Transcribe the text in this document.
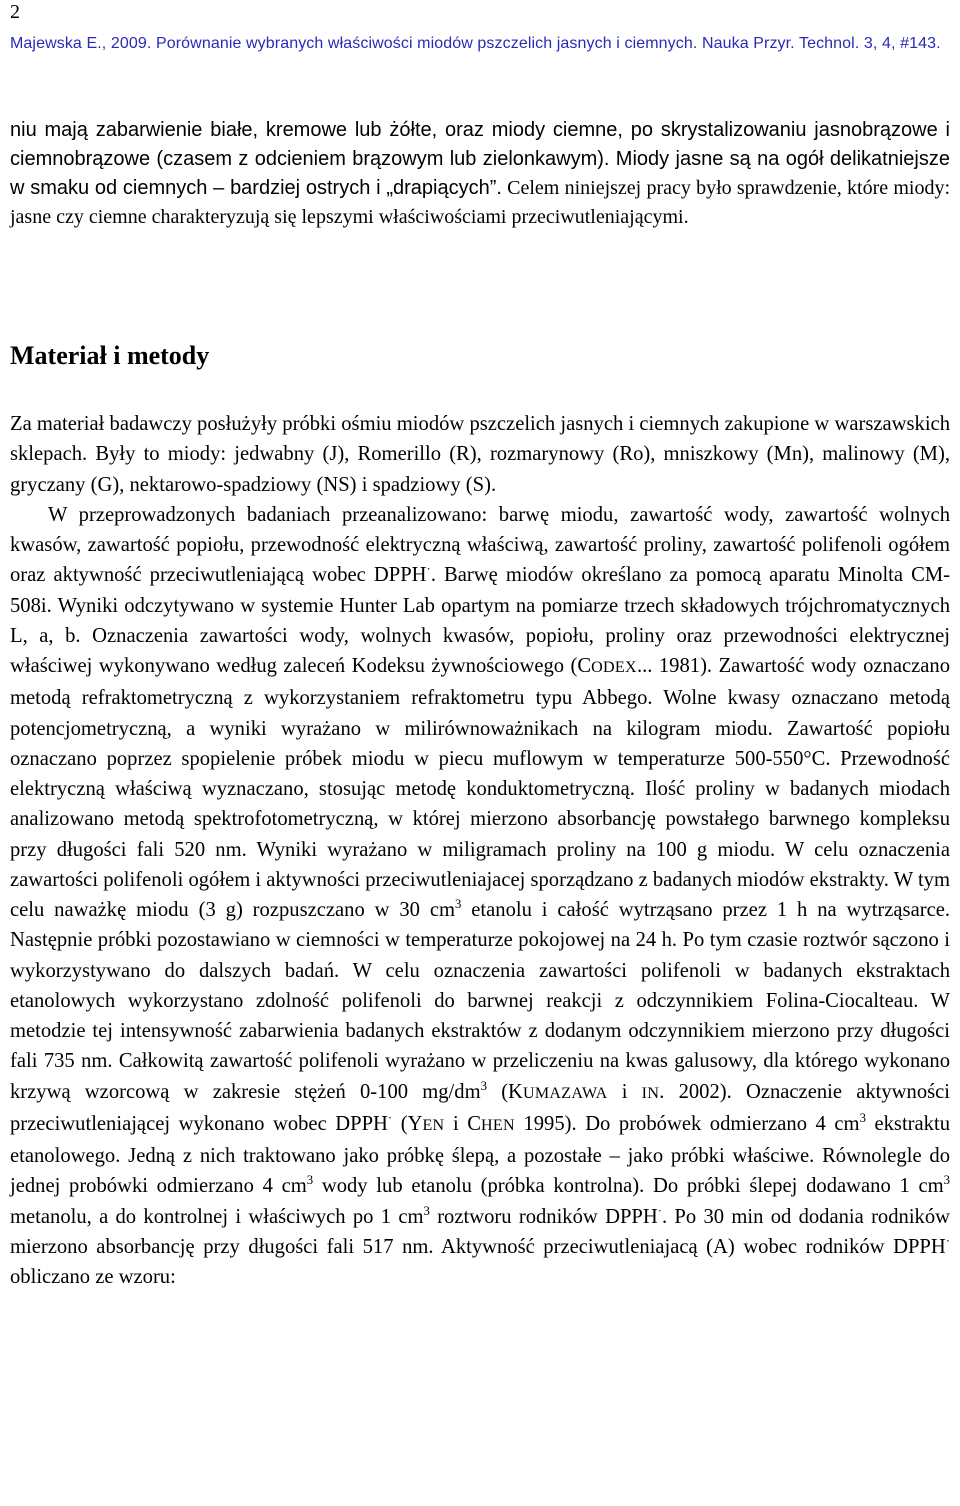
2
Majewska E., 2009. Porównanie wybranych właściwości miodów pszczelich jasnych i ciemnych. Nauka Przyr. Technol. 3, 4, #143.
niu mają zabarwienie białe, kremowe lub żółte, oraz miody ciemne, po skrystalizowaniu jasnobrązowe i ciemnobrązowe (czasem z odcieniem brązowym lub zielonkawym). Miody jasne są na ogół delikatniejsze w smaku od ciemnych – bardziej ostrych i „drapiących”. Celem niniejszej pracy było sprawdzenie, które miody: jasne czy ciemne charakteryzują się lepszymi właściwościami przeciwutleniającymi.
Materiał i metody

Za materiał badawczy posłużyły próbki ośmiu miodów pszczelich jasnych i ciemnych zakupione w warszawskich sklepach. Były to miody: jedwabny (J), Romerillo (R), rozmarynowy (Ro), mniszkowy (Mn), malinowy (M), gryczany (G), nektarowo-spadziowy (NS) i spadziowy (S).

W przeprowadzonych badaniach przeanalizowano: barwę miodu, zawartość wody, zawartość wolnych kwasów, zawartość popiołu, przewodność elektryczną właściwą, zawartość proliny, zawartość polifenoli ogółem oraz aktywność przeciwutleniającą wobec DPPH·. Barwę miodów określano za pomocą aparatu Minolta CM-508i. Wyniki odczytywano w systemie Hunter Lab opartym na pomiarze trzech składowych trójchromatycznych L, a, b. Oznaczenia zawartości wody, wolnych kwasów, popiołu, proliny oraz przewodności elektrycznej właściwej wykonywano według zaleceń Kodeksu żywnościowego (CODEX... 1981). Zawartość wody oznaczano metodą refraktometryczną z wykorzystaniem refraktometru typu Abbego. Wolne kwasy oznaczano metodą potencjometryczną, a wyniki wyrażano w milirównoważnikach na kilogram miodu. Zawartość popiołu oznaczano poprzez spopielenie próbek miodu w piecu muflowym w temperaturze 500-550°C. Przewodność elektryczną właściwą wyznaczano, stosując metodę konduktometryczną. Ilość proliny w badanych miodach analizowano metodą spektrofotometryczną, w której mierzono absorbancję powstałego barwnego kompleksu przy długości fali 520 nm. Wyniki wyrażano w miligramach proliny na 100 g miodu. W celu oznaczenia zawartości polifenoli ogółem i aktywności przeciwutleniajacej sporządzano z badanych miodów ekstrakty. W tym celu naważkę miodu (3 g) rozpuszczano w 30 $cm^3$ etanolu i całość wytrząsano przez 1 h na wytrząsarce. Następnie próbki pozostawiano w ciemności w temperaturze pokojowej na 24 h. Po tym czasie roztwór sączono i wykorzystywano do dalszych badań. W celu oznaczenia zawartości polifenoli w badanych ekstraktach etanolowych wykorzystano zdolność polifenoli do barwnej reakcji z odczynnikiem Folina-Ciocalteau. W metodzie tej intensywność zabarwienia badanych ekstraktów z dodanym odczynnikiem mierzono przy długości fali 735 nm. Całkowitą zawartość polifenoli wyrażano w przeliczeniu na kwas galusowy, dla którego wykonano krzywą wzorcową w zakresie stężeń 0-100 $mg/dm^3$ (KUMAZAWA i IN. 2002). Oznaczenie aktywności przeciwutleniającej wykonano wobec DPPH· (YEN i CHEN 1995). Do probówek odmierzano 4 $cm^3$ ekstraktu etanolowego. Jedną z nich traktowano jako próbkę ślepą, a pozostałe – jako próbki właściwe. Równolegle do jednej probówki odmierzano 4 $cm^3$ wody lub etanolu (próbka kontrolna). Do próbki ślepej dodawano 1 $cm^3$ metanolu, a do kontrolnej i właściwych po 1 $cm^3$ roztworu rodników DPPH·. Po 30 min od dodania rodników mierzono absorbancję przy długości fali 517 nm. Aktywność przeciwutleniajacą (A) wobec rodników DPPH· obliczano ze wzoru:
